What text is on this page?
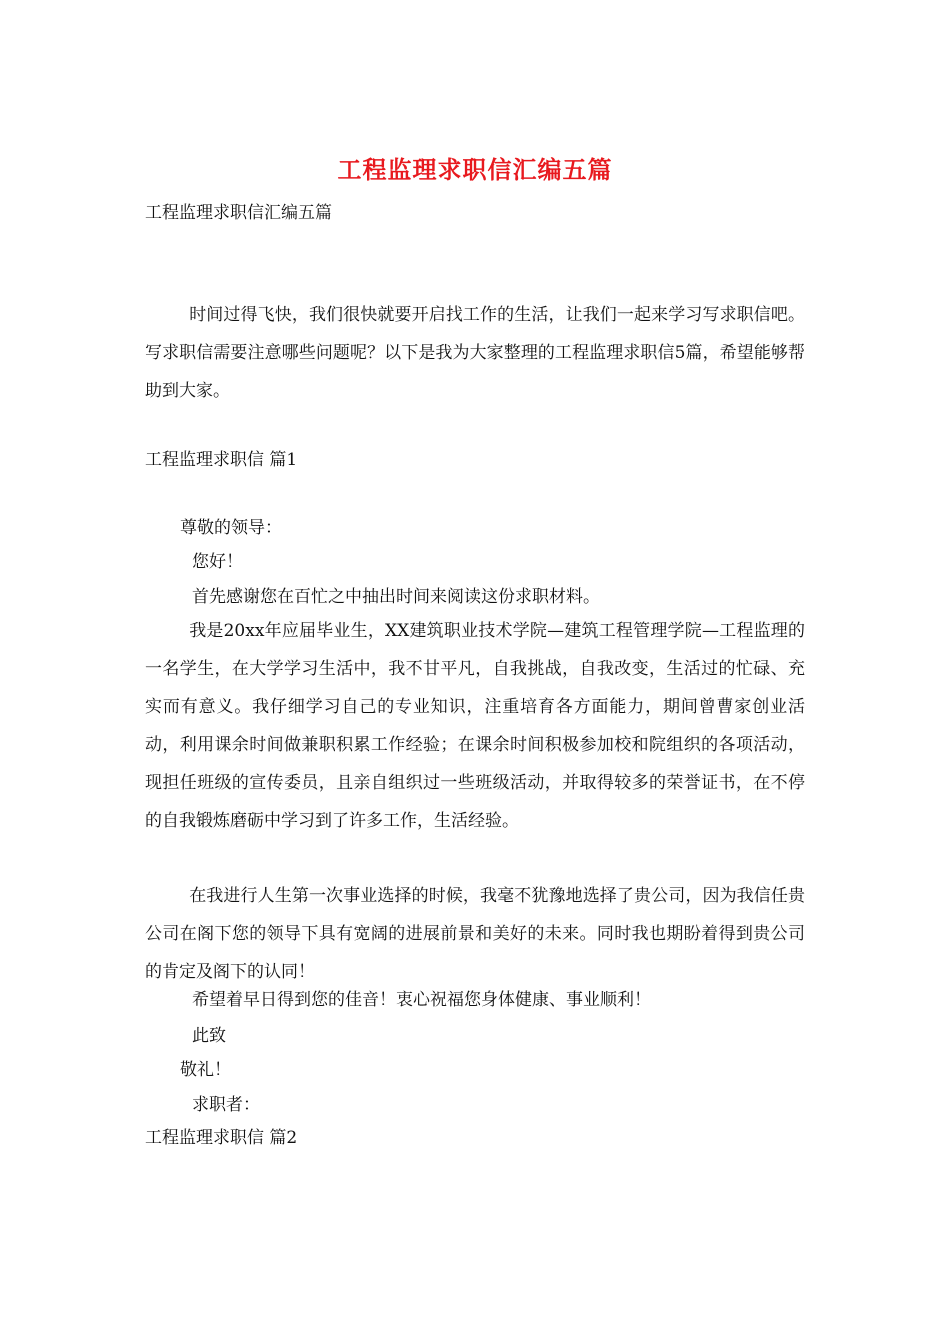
工程监理求职信汇编五篇
工程监理求职信汇编五篇
时间过得飞快，我们很快就要开启找工作的生活，让我们一起来学习写求职信吧。写求职信需要注意哪些问题呢？以下是我为大家整理的工程监理求职信5篇，希望能够帮助到大家。
工程监理求职信 篇1
尊敬的领导：
您好！
首先感谢您在百忙之中抽出时间来阅读这份求职材料。
我是20xx年应届毕业生，XX建筑职业技术学院—建筑工程管理学院—工程监理的一名学生，在大学学习生活中，我不甘平凡，自我挑战，自我改变，生活过的忙碌、充实而有意义。我仔细学习自己的专业知识，注重培育各方面能力，期间曾曹家创业活动，利用课余时间做兼职积累工作经验；在课余时间积极参加校和院组织的各项活动，现担任班级的宣传委员，且亲自组织过一些班级活动，并取得较多的荣誉证书，在不停的自我锻炼磨砺中学习到了许多工作，生活经验。
在我进行人生第一次事业选择的时候，我毫不犹豫地选择了贵公司，因为我信任贵公司在阁下您的领导下具有宽阔的进展前景和美好的未来。同时我也期盼着得到贵公司的肯定及阁下的认同！
希望着早日得到您的佳音！衷心祝福您身体健康、事业顺利！
此致
敬礼！
求职者：
工程监理求职信 篇2
